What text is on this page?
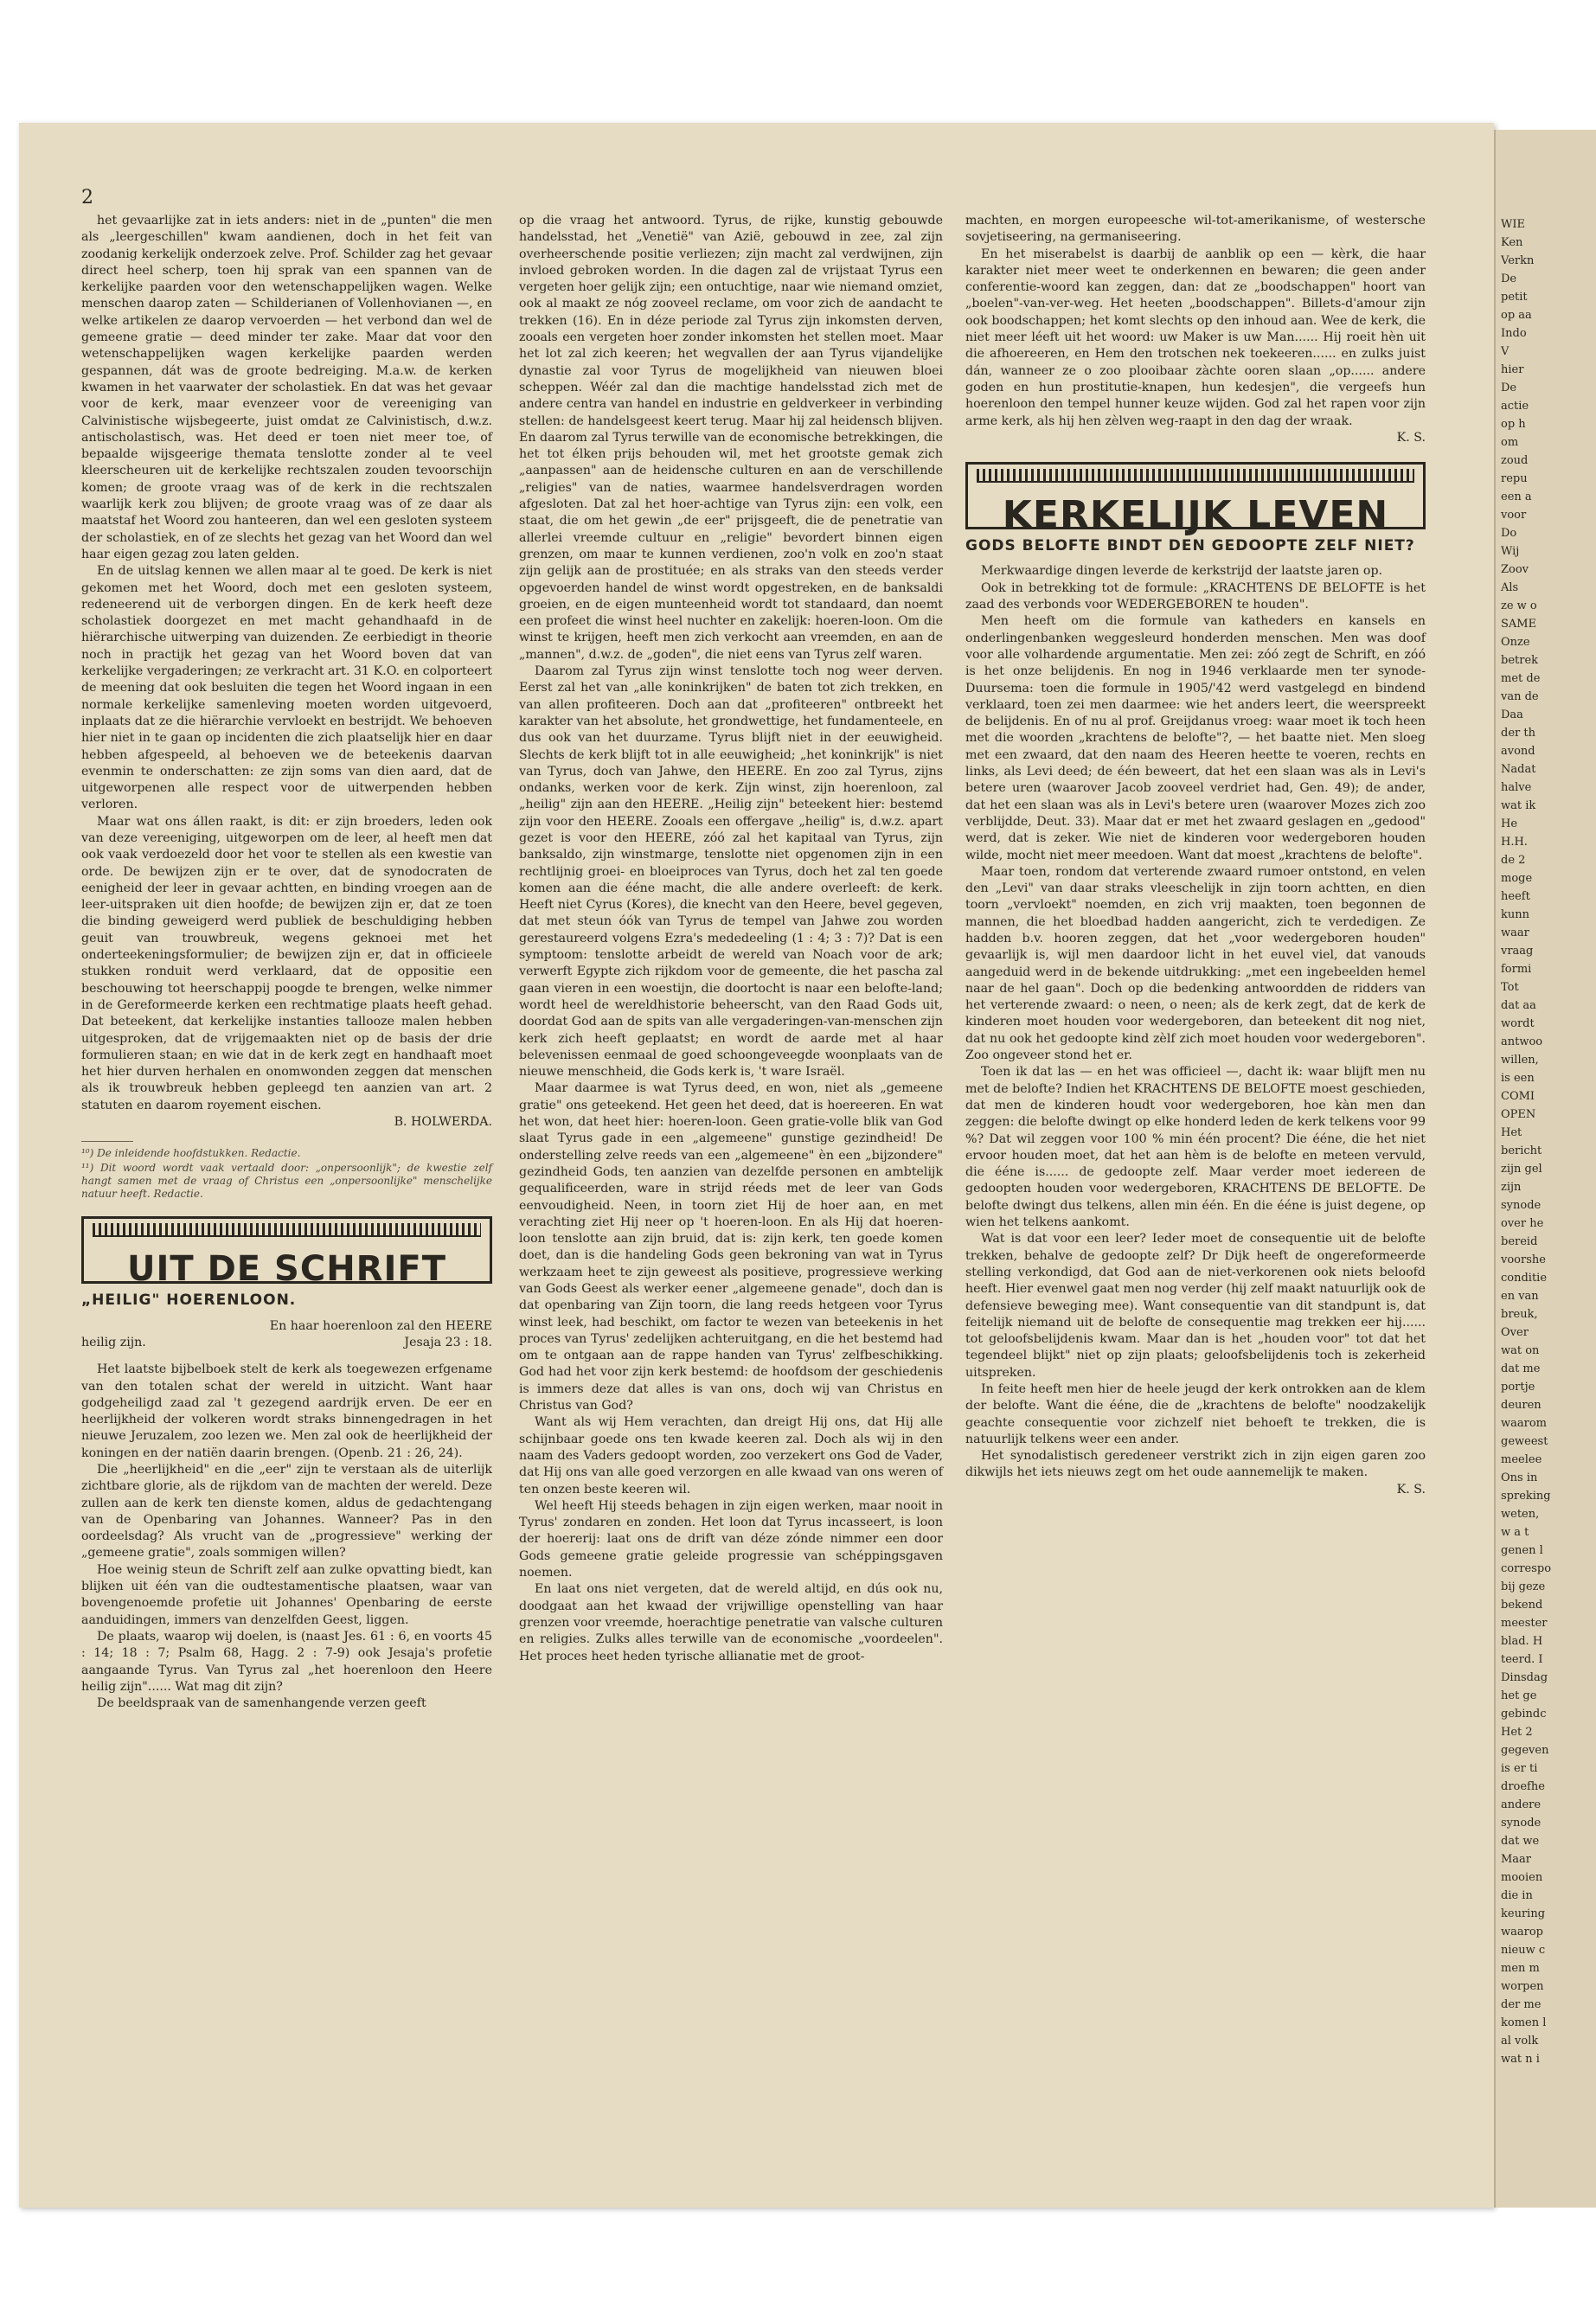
2

het gevaarlijke zat in iets anders: niet in de „punten" die men als „leergeschillen" kwam aandienen, doch in het feit van zoodanig kerkelijk onderzoek zelve. Prof. Schilder zag het gevaar direct heel scherp, toen hij sprak van een spannen van de kerkelijke paarden voor den wetenschappelijken wagen. Welke menschen daarop zaten — Schilderianen of Vollenhovianen —, en welke artikelen ze daarop vervoerden — het verbond dan wel de gemeene gratie — deed minder ter zake. Maar dat voor den wetenschappelijken wagen kerkelijke paarden werden gespannen, dát was de groote bedreiging. M.a.w. de kerken kwamen in het vaarwater der scholastiek. En dat was het gevaar voor de kerk, maar evenzeer voor de vereeniging van Calvinistische wijsbegeerte, juist omdat ze Calvinistisch, d.w.z. antischolastisch, was. Het deed er toen niet meer toe, of bepaalde wijsgeerige themata tenslotte zonder al te veel kleerscheuren uit de kerkelijke rechtszalen zouden tevoorschijn komen; de groote vraag was of de kerk in die rechtszalen waarlijk kerk zou blijven; de groote vraag was of ze daar als maatstaf het Woord zou hanteeren, dan wel een gesloten systeem der scholastiek, en of ze slechts het gezag van het Woord dan wel haar eigen gezag zou laten gelden.

En de uitslag kennen we allen maar al te goed. De kerk is niet gekomen met het Woord, doch met een gesloten systeem, redeneerend uit de verborgen dingen. En de kerk heeft deze scholastiek doorgezet en met macht gehandhaafd in de hiërarchische uitwerping van duizenden. Ze eerbiedigt in theorie noch in practijk het gezag van het Woord boven dat van kerkelijke vergaderingen; ze verkracht art. 31 K.O. en colporteert de meening dat ook besluiten die tegen het Woord ingaan in een normale kerkelijke samenleving moeten worden uitgevoerd, inplaats dat ze die hiërarchie vervloekt en bestrijdt. We behoeven hier niet in te gaan op incidenten die zich plaatselijk hier en daar hebben afgespeeld, al behoeven we de beteekenis daarvan evenmin te onderschatten: ze zijn soms van dien aard, dat de uitgeworpenen alle respect voor de uitwerpenden hebben verloren.

Maar wat ons állen raakt, is dit: er zijn broeders, leden ook van deze vereeniging, uitgeworpen om de leer, al heeft men dat ook vaak verdoezeld door het voor te stellen als een kwestie van orde. De bewijzen zijn er te over, dat de synodocraten de eenigheid der leer in gevaar achtten, en binding vroegen aan de leer-uitspraken uit dien hoofde; de bewijzen zijn er, dat ze toen die binding geweigerd werd publiek de beschuldiging hebben geuit van trouwbreuk, wegens geknoei met het onderteekeningsformulier; de bewijzen zijn er, dat in officieele stukken ronduit werd verklaard, dat de oppositie een beschouwing tot heerschappij poogde te brengen, welke nimmer in de Gereformeerde kerken een rechtmatige plaats heeft gehad. Dat beteekent, dat kerkelijke instanties tallooze malen hebben uitgesproken, dat de vrijgemaakten niet op de basis der drie formulieren staan; en wie dat in de kerk zegt en handhaaft moet het hier durven herhalen en onomwonden zeggen dat menschen als ik trouwbreuk hebben gepleegd ten aanzien van art. 2 statuten en daarom royement eischen.

B. HOLWERDA.

¹⁰) De inleidende hoofdstukken. Redactie.
¹¹) Dit woord wordt vaak vertaald door: „onpersoonlijk"; de kwestie zelf hangt samen met de vraag of Christus een „onpersoonlijke" menschelijke natuur heeft. Redactie.
UIT DE SCHRIFT
„HEILIG" HOERENLOON.
En haar hoerenloon zal den HEERE
heilig zijn.	Jesaja 23 : 18.

Het laatste bijbelboek stelt de kerk als toegewezen erfgename van den totalen schat der wereld in uitzicht. Want haar godgeheiligd zaad zal 't gezegend aardrijk erven. De eer en heerlijkheid der volkeren wordt straks binnengedragen in het nieuwe Jeruzalem, zoo lezen we. Men zal ook de heerlijkheid der koningen en der natiën daarin brengen. (Openb. 21 : 26, 24).

Die „heerlijkheid" en die „eer" zijn te verstaan als de uiterlijk zichtbare glorie, als de rijkdom van de machten der wereld. Deze zullen aan de kerk ten dienste komen, aldus de gedachtengang van de Openbaring van Johannes. Wanneer? Pas in den oordeelsdag? Als vrucht van de „progressieve" werking der „gemeene gratie", zoals sommigen willen?

Hoe weinig steun de Schrift zelf aan zulke opvatting biedt, kan blijken uit één van die oudtestamentische plaatsen, waar van bovengenoemde profetie uit Johannes' Openbaring de eerste aanduidingen, immers van denzelfden Geest, liggen.

De plaats, waarop wij doelen, is (naast Jes. 61 : 6, en voorts 45 : 14; 18 : 7; Psalm 68, Hagg. 2 : 7-9) ook Jesaja's profetie aangaande Tyrus. Van Tyrus zal „het hoerenloon den Heere heilig zijn"...... Wat mag dit zijn?

De beeldspraak van de samenhangende verzen geeft

op die vraag het antwoord. Tyrus, de rijke, kunstig gebouwde handelsstad, het „Venetië" van Azië, gebouwd in zee, zal zijn overheerschende positie verliezen; zijn macht zal verdwijnen, zijn invloed gebroken worden. In die dagen zal de vrijstaat Tyrus een vergeten hoer gelijk zijn; een ontuchtige, naar wie niemand omziet, ook al maakt ze nóg zooveel reclame, om voor zich de aandacht te trekken (16). En in déze periode zal Tyrus zijn inkomsten derven, zooals een vergeten hoer zonder inkomsten het stellen moet. Maar het lot zal zich keeren; het wegvallen der aan Tyrus vijandelijke dynastie zal voor Tyrus de mogelijkheid van nieuwen bloei scheppen. Wéér zal dan die machtige handelsstad zich met de andere centra van handel en industrie en geldverkeer in verbinding stellen: de handelsgeest keert terug. Maar hij zal heidensch blijven. En daarom zal Tyrus terwille van de economische betrekkingen, die het tot élken prijs behouden wil, met het grootste gemak zich „aanpassen" aan de heidensche culturen en aan de verschillende „religies" van de naties, waarmee handelsverdragen worden afgesloten. Dat zal het hoer-achtige van Tyrus zijn: een volk, een staat, die om het gewin „de eer" prijsgeeft, die de penetratie van allerlei vreemde cultuur en „religie" bevordert binnen eigen grenzen, om maar te kunnen verdienen, zoo'n volk en zoo'n staat zijn gelijk aan de prostituée; en als straks van den steeds verder opgevoerden handel de winst wordt opgestreken, en de banksaldi groeien, en de eigen munteenheid wordt tot standaard, dan noemt een profeet die winst heel nuchter en zakelijk: hoeren-loon. Om die winst te krijgen, heeft men zich verkocht aan vreemden, en aan de „mannen", d.w.z. de „goden", die niet eens van Tyrus zelf waren.

Daarom zal Tyrus zijn winst tenslotte toch nog weer derven. Eerst zal het van „alle koninkrijken" de baten tot zich trekken, en van allen profiteeren. Doch aan dat „profiteeren" ontbreekt het karakter van het absolute, het grondwettige, het fundamenteele, en dus ook van het duurzame. Tyrus blijft niet in der eeuwigheid. Slechts de kerk blijft tot in alle eeuwigheid; „het koninkrijk" is niet van Tyrus, doch van Jahwe, den HEERE. En zoo zal Tyrus, zijns ondanks, werken voor de kerk. Zijn winst, zijn hoerenloon, zal „heilig" zijn aan den HEERE. „Heilig zijn" beteekent hier: bestemd zijn voor den HEERE. Zooals een offergave „heilig" is, d.w.z. apart gezet is voor den HEERE, zóó zal het kapitaal van Tyrus, zijn banksaldo, zijn winstmarge, tenslotte niet opgenomen zijn in een rechtlijnig groei- en bloeiproces van Tyrus, doch het zal ten goede komen aan die ééne macht, die alle andere overleeft: de kerk. Heeft niet Cyrus (Kores), die knecht van den Heere, bevel gegeven, dat met steun óók van Tyrus de tempel van Jahwe zou worden gerestaureerd volgens Ezra's mededeeling (1 : 4; 3 : 7)? Dat is een symptoom: tenslotte arbeidt de wereld van Noach voor de ark; verwerft Egypte zich rijkdom voor de gemeente, die het pascha zal gaan vieren in een woestijn, die doortocht is naar een belofte-land; wordt heel de wereldhistorie beheerscht, van den Raad Gods uit, doordat God aan de spits van alle vergaderingen-van-menschen zijn kerk zich heeft geplaatst; en wordt de aarde met al haar belevenissen eenmaal de goed schoongeveegde woonplaats van de nieuwe menschheid, die Gods kerk is, 't ware Israël.

Maar daarmee is wat Tyrus deed, en won, niet als „gemeene gratie" ons geteekend. Het geen het deed, dat is hoereeren. En wat het won, dat heet hier: hoeren-loon. Geen gratie-volle blik van God slaat Tyrus gade in een „algemeene" gunstige gezindheid! De onderstelling zelve reeds van een „algemeene" èn een „bijzondere" gezindheid Gods, ten aanzien van dezelfde personen en ambtelijk gequalificeerden, ware in strijd réeds met de leer van Gods eenvoudigheid. Neen, in toorn ziet Hij de hoer aan, en met verachting ziet Hij neer op 't hoeren-loon. En als Hij dat hoeren-loon tenslotte aan zijn bruid, dat is: zijn kerk, ten goede komen doet, dan is die handeling Gods geen bekroning van wat in Tyrus werkzaam heet te zijn geweest als positieve, progressieve werking van Gods Geest als werker eener „algemeene genade", doch dan is dat openbaring van Zijn toorn, die lang reeds hetgeen voor Tyrus winst leek, had beschikt, om factor te wezen van beteekenis in het proces van Tyrus' zedelijken achteruitgang, en die het bestemd had om te ontgaan aan de rappe handen van Tyrus' zelfbeschikking. God had het voor zijn kerk bestemd: de hoofdsom der geschiedenis is immers deze dat alles is van ons, doch wij van Christus en Christus van God?

Want als wij Hem verachten, dan dreigt Hij ons, dat Hij alle schijnbaar goede ons ten kwade keeren zal. Doch als wij in den naam des Vaders gedoopt worden, zoo verzekert ons God de Vader, dat Hij ons van alle goed verzorgen en alle kwaad van ons weren of ten onzen beste keeren wil.

Wel heeft Hij steeds behagen in zijn eigen werken, maar nooit in Tyrus' zondaren en zonden. Het loon dat Tyrus incasseert, is loon der hoererij: laat ons de drift van déze zónde nimmer een door Gods gemeene gratie geleide progressie van schéppingsgaven noemen.

En laat ons niet vergeten, dat de wereld altijd, en dús ook nu, doodgaat aan het kwaad der vrijwillige openstelling van haar grenzen voor vreemde, hoerachtige penetratie van valsche culturen en religies. Zulks alles terwille van de economische „voordeelen". Het proces heet heden tyrische allianatie met de groot-

machten, en morgen europeesche wil-tot-amerikanisme, of westersche sovjetiseering, na germaniseering.

En het miserabelst is daarbij de aanblik op een — kèrk, die haar karakter niet meer weet te onderkennen en bewaren; die geen ander conferentie-woord kan zeggen, dan: dat ze „boodschappen" hoort van „boelen"-van-ver-weg. Het heeten „boodschappen". Billets-d'amour zijn ook boodschappen; het komt slechts op den inhoud aan. Wee de kerk, die niet meer léeft uit het woord: uw Maker is uw Man...... Hij roeit hèn uit die afhoereeren, en Hem den trotschen nek toekeeren...... en zulks juist dán, wanneer ze o zoo plooibaar zàchte ooren slaan „op...... andere goden en hun prostitutie-knapen, hun kedesjen", die vergeefs hun hoerenloon den tempel hunner keuze wijden. God zal het rapen voor zijn arme kerk, als hij hen zèlven weg-raapt in den dag der wraak.

K. S.

KERKELIJK LEVEN
GODS BELOFTE BINDT DEN GEDOOPTE ZELF NIET?

Merkwaardige dingen leverde de kerkstrijd der laatste jaren op.

Ook in betrekking tot de formule: „KRACHTENS DE BELOFTE is het zaad des verbonds voor WEDERGEBOREN te houden".

Men heeft om die formule van katheders en kansels en onderlingenbanken weggesleurd honderden menschen. Men was doof voor alle volhardende argumentatie. Men zei: zóó zegt de Schrift, en zóó is het onze belijdenis. En nog in 1946 verklaarde men ter synode-Duursema: toen die formule in 1905/'42 werd vastgelegd en bindend verklaard, toen zei men daarmee: wie het anders leert, die weerspreekt de belijdenis. En of nu al prof. Greijdanus vroeg: waar moet ik toch heen met die woorden „krachtens de belofte"?, — het baatte niet. Men sloeg met een zwaard, dat den naam des Heeren heette te voeren, rechts en links, als Levi deed; de één beweert, dat het een slaan was als in Levi's betere uren (waarover Jacob zooveel verdriet had, Gen. 49); de ander, dat het een slaan was als in Levi's betere uren (waarover Mozes zich zoo verblijdde, Deut. 33). Maar dat er met het zwaard geslagen en „gedood" werd, dat is zeker. Wie niet de kinderen voor wedergeboren houden wilde, mocht niet meer meedoen. Want dat moest „krachtens de belofte".

Maar toen, rondom dat verterende zwaard rumoer ontstond, en velen den „Levi" van daar straks vleeschelijk in zijn toorn achtten, en dien toorn „vervloekt" noemden, en zich vrij maakten, toen begonnen de mannen, die het bloedbad hadden aangericht, zich te verdedigen. Ze hadden b.v. hooren zeggen, dat het „voor wedergeboren houden" gevaarlijk is, wijl men daardoor licht in het euvel viel, dat vanouds aangeduid werd in de bekende uitdrukking: „met een ingebeelden hemel naar de hel gaan". Doch op die bedenking antwoordden de ridders van het verterende zwaard: o neen, o neen; als de kerk zegt, dat de kerk de kinderen moet houden voor wedergeboren, dan beteekent dit nog niet, dat nu ook het gedoopte kind zèlf zich moet houden voor wedergeboren". Zoo ongeveer stond het er.

Toen ik dat las — en het was officieel —, dacht ik: waar blijft men nu met de belofte? Indien het KRACHTENS DE BELOFTE moest geschieden, dat men de kinderen houdt voor wedergeboren, hoe kàn men dan zeggen: die belofte dwingt op elke honderd leden de kerk telkens voor 99 %? Dat wil zeggen voor 100 % min één procent? Die ééne, die het niet ervoor houden moet, dat het aan hèm is de belofte en meteen vervuld, die ééne is...... de gedoopte zelf. Maar verder moet iedereen de gedoopten houden voor wedergeboren, KRACHTENS DE BELOFTE. De belofte dwingt dus telkens, allen min één. En die ééne is juist degene, op wien het telkens aankomt.

Wat is dat voor een leer? Ieder moet de consequentie uit de belofte trekken, behalve de gedoopte zelf? Dr Dijk heeft de ongereformeerde stelling verkondigd, dat God aan de niet-verkorenen ook niets beloofd heeft. Hier evenwel gaat men nog verder (hij zelf maakt natuurlijk ook de defensieve beweging mee). Want consequentie van dit standpunt is, dat feitelijk niemand uit de belofte de consequentie mag trekken eer hij...... tot geloofsbelijdenis kwam. Maar dan is het „houden voor" tot dat het tegendeel blijkt" niet op zijn plaats; geloofsbelijdenis toch is zekerheid uitspreken.

In feite heeft men hier de heele jeugd der kerk ontrokken aan de klem der belofte. Want die ééne, die de „krachtens de belofte" noodzakelijk geachte consequentie voor zichzelf niet behoeft te trekken, die is natuurlijk telkens weer een ander.

Het synodalistisch geredeneer verstrikt zich in zijn eigen garen zoo dikwijls het iets nieuws zegt om het oude aannemelijk te maken.

K. S.

WIE
Ken
Verkn
De
petit
op aa
Indo
V
hier
De
actie
op h
om
zoud
repu
een a
voor
Do
Wij
Zoov
Als
ze w o
SAME
Onze
betrek
met de
van de
Daa
der th
avond
Nadat
halve
wat ik
He
H.H.
de 2
moge
heeft
kunn
waar
vraag
formi
Tot
dat aa
wordt
antwoo
willen,
is een
COMI
OPEN
Het
bericht
zijn gel
zijn
synode
over he
bereid
voorshe
conditie
en van
breuk,
Over
wat on
dat me
portje
deuren
waarom
geweest
meelee
Ons in
spreking
weten,
w a t
genen l
correspo
bij geze
bekend
meester
blad. H
teerd. I
Dinsdag
het ge
gebindc
Het 2
gegeven
is er ti
droefhe
andere
synode
dat we
Maar
mooien
die in
keuring
waarop
nieuw c
men m
worpen
der me
komen l
al volk
wat n i
